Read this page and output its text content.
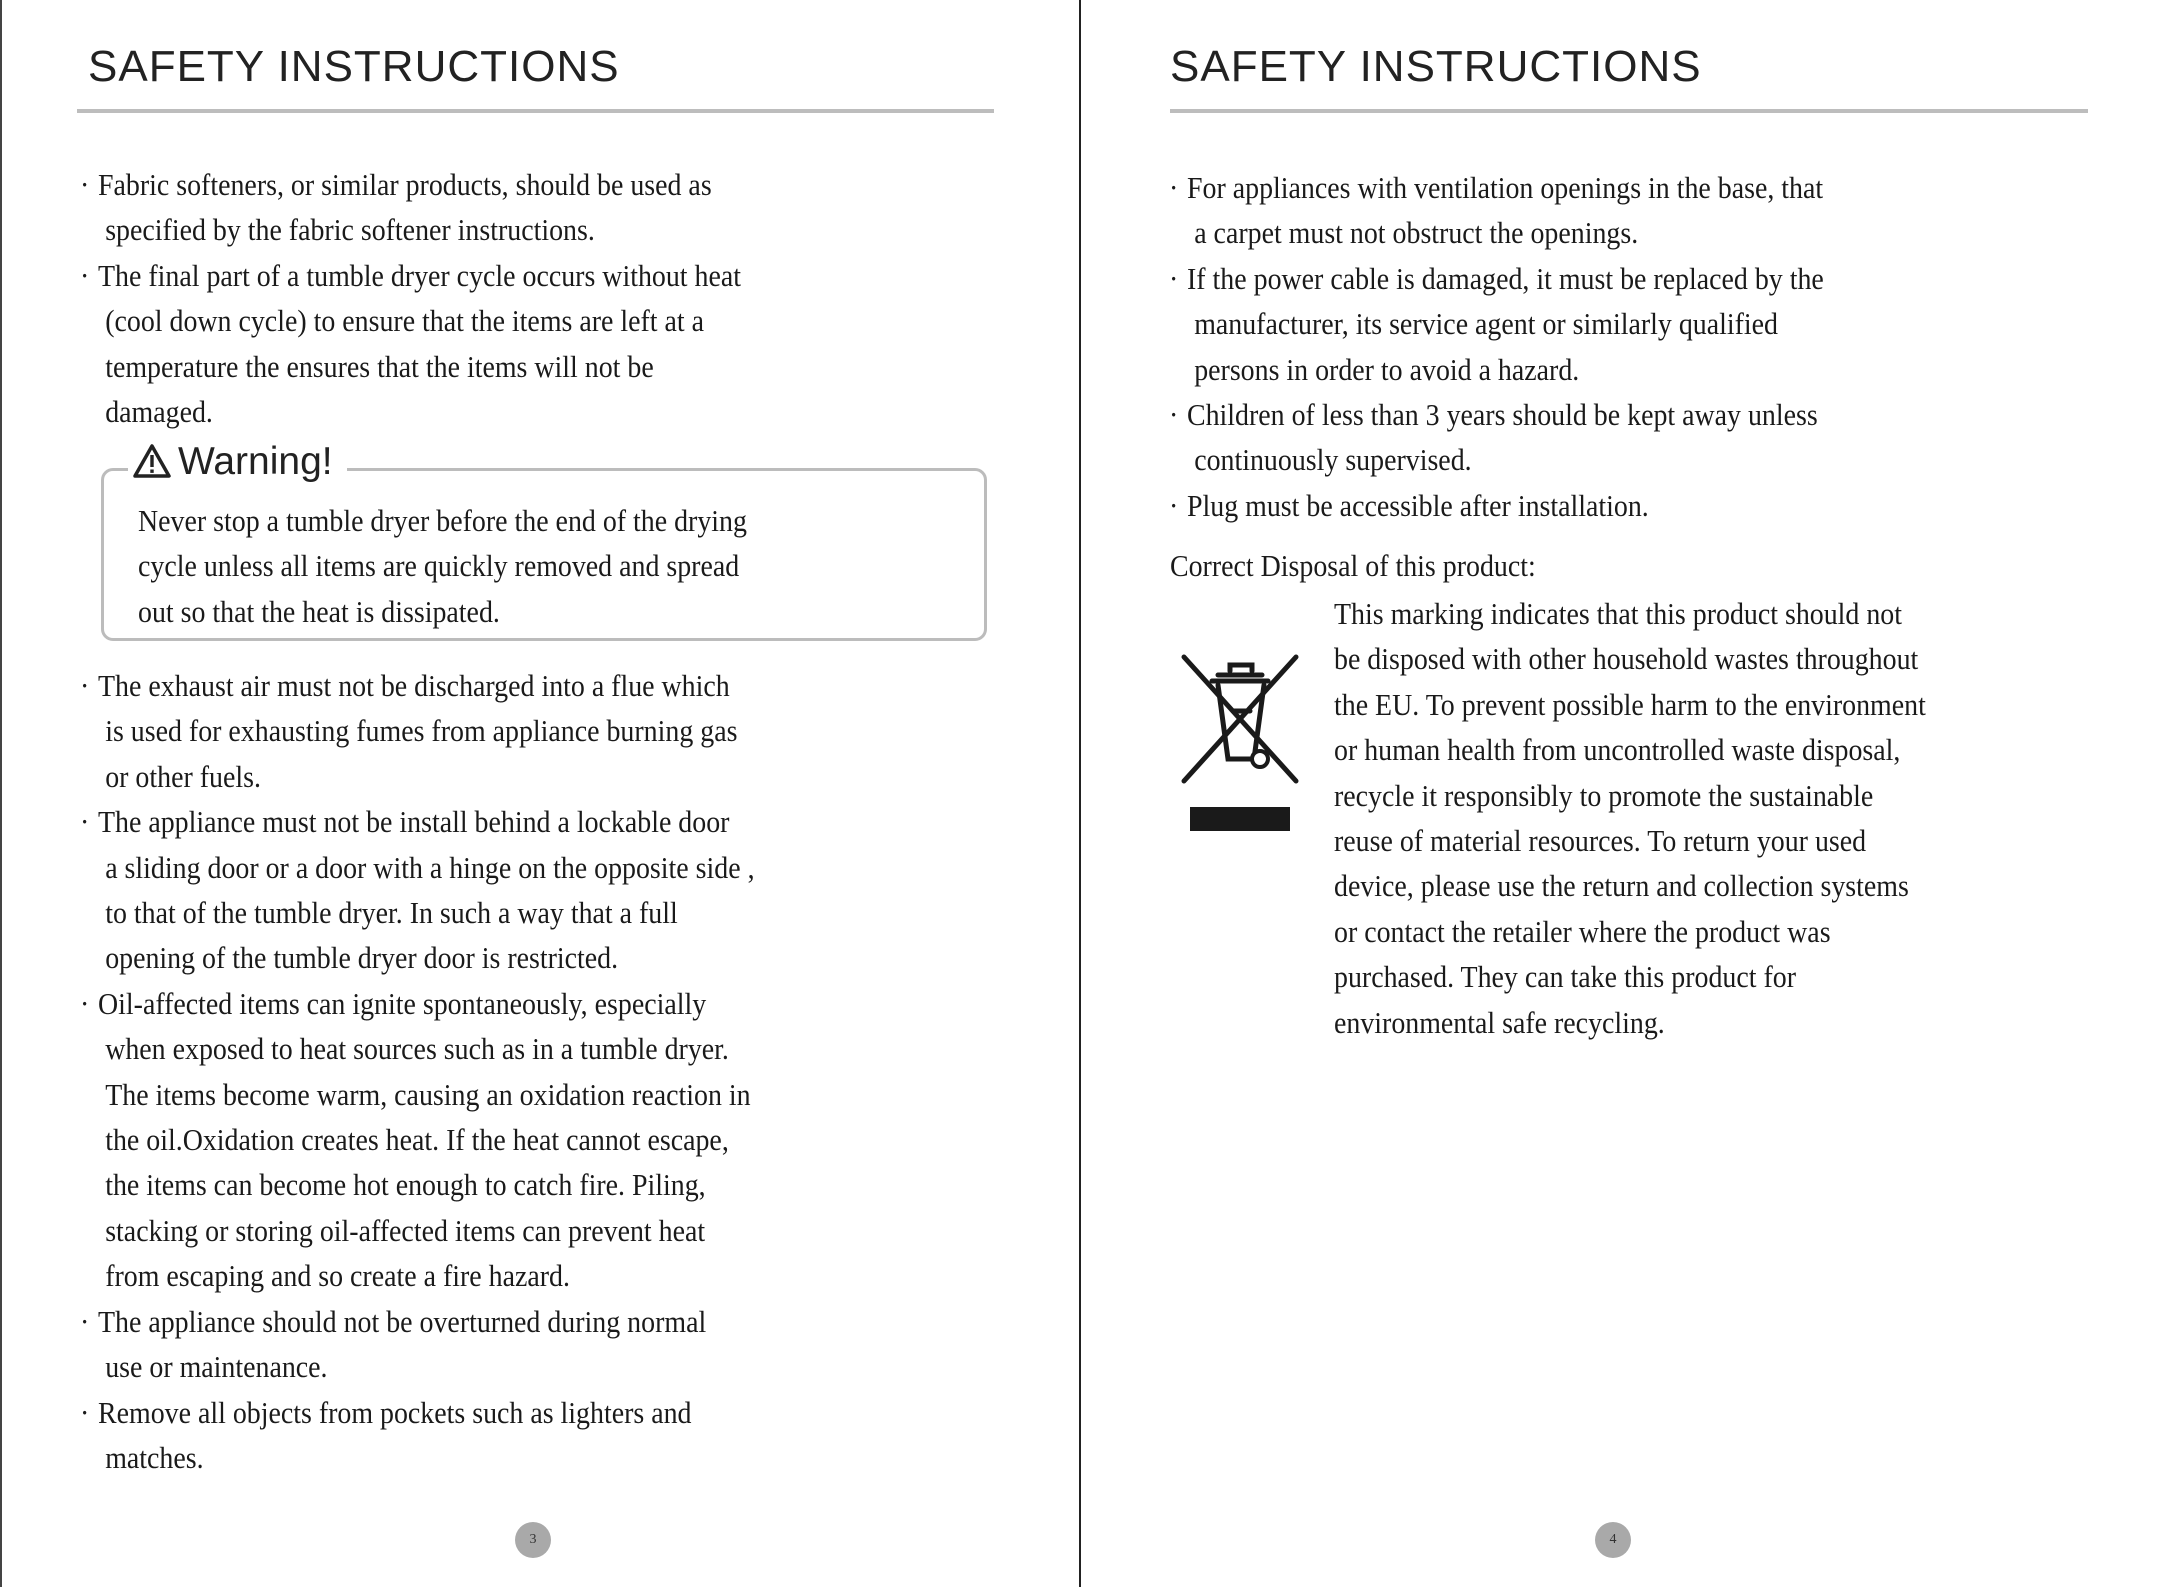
SAFETY INSTRUCTIONS
· Fabric softeners, or similar products, should be used as
specified by the fabric softener instructions.
· The final part of a tumble dryer cycle occurs without heat
(cool down cycle) to ensure that the items are left at a
temperature the ensures that the items will not be
damaged.
Warning!
Never stop a tumble dryer before the end of the drying
cycle unless all items are quickly removed and spread
out so that the heat is dissipated.
· The exhaust air must not be discharged into a flue which
is used for exhausting fumes from appliance burning gas
or other fuels.
· The appliance must not be install behind a lockable door
a sliding door or a door with a hinge on the opposite side ,
to that of the tumble dryer. In such a way that a full
opening of the tumble dryer door is restricted.
· Oil-affected items can ignite spontaneously, especially
when exposed to heat sources such as in a tumble dryer.
The items become warm, causing an oxidation reaction in
the oil.Oxidation creates heat. If the heat cannot escape,
the items can become hot enough to catch fire. Piling,
stacking or storing oil-affected items can prevent heat
from escaping and so create a fire hazard.
· The appliance should not be overturned during normal
use or maintenance.
· Remove all objects from pockets such as lighters and
matches.
3
SAFETY INSTRUCTIONS
· For appliances with ventilation openings in the base, that
a carpet must not obstruct the openings.
· If the power cable is damaged, it must be replaced by the
manufacturer, its service agent or similarly qualified
persons in order to avoid a hazard.
· Children of less than 3 years should be kept away unless
continuously supervised.
· Plug must be accessible after installation.
Correct Disposal of this product:
This marking indicates that this product should not
be disposed with other household wastes throughout
the EU. To prevent possible harm to the environment
or human health from uncontrolled waste disposal,
recycle it responsibly to promote the sustainable
reuse of material resources. To return your used
device, please use the return and collection systems
or contact the retailer where the product was
purchased. They can take this product for
environmental safe recycling.
4
